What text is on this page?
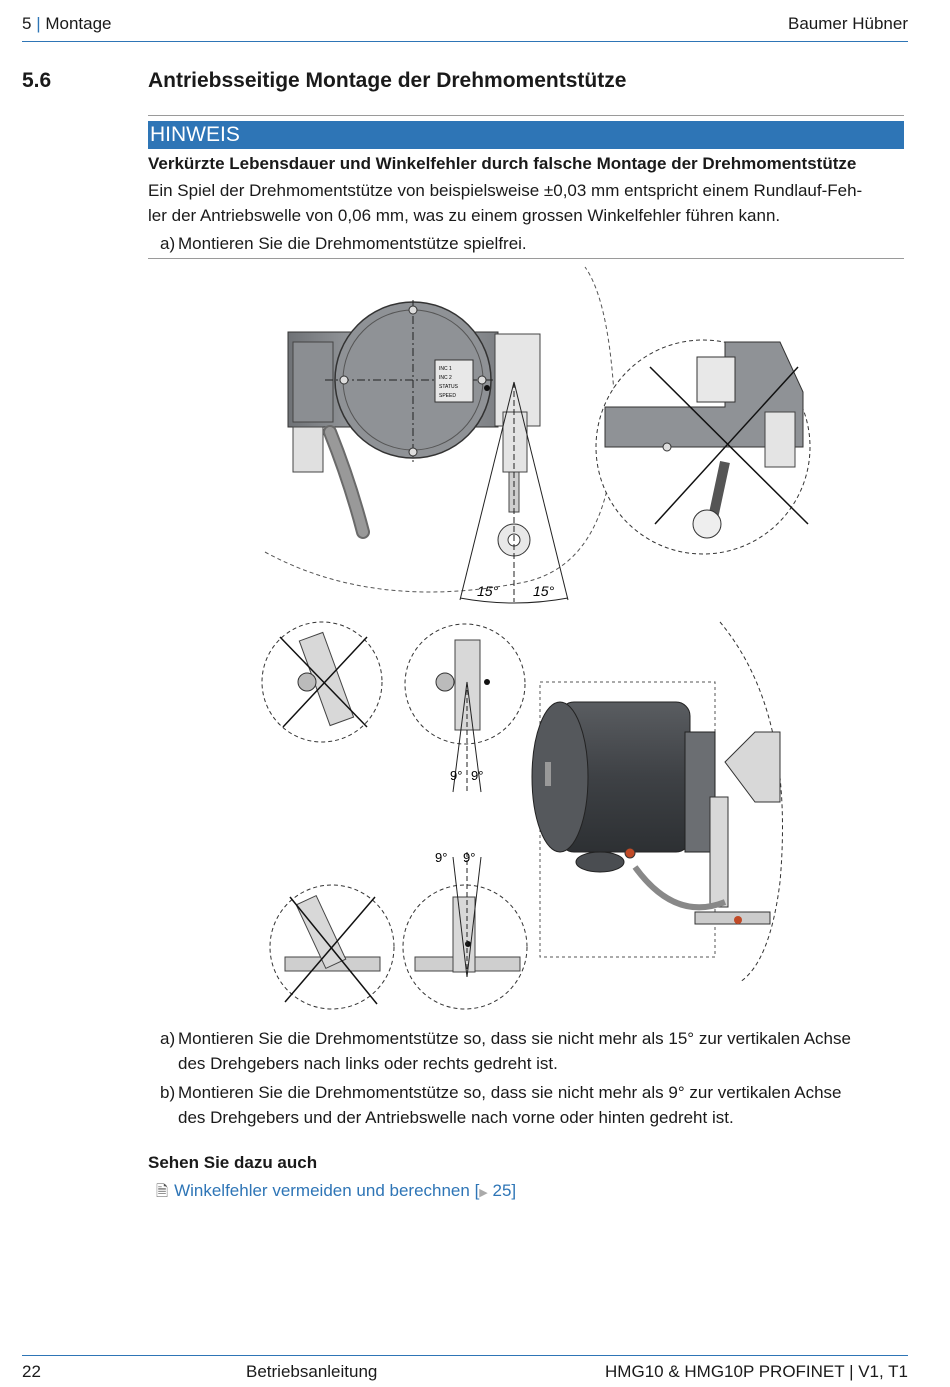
5 | Montage	Baumer Hübner
5.6	Antriebsseitige Montage der Drehmomentstütze
HINWEIS
Verkürzte Lebensdauer und Winkelfehler durch falsche Montage der Drehmomentstütze
Ein Spiel der Drehmomentstütze von beispielsweise ±0,03 mm entspricht einem Rundlauf-Feh-
ler der Antriebswelle von 0,06 mm, was zu einem grossen Winkelfehler führen kann.
a) Montieren Sie die Drehmomentstütze spielfrei.
INC 1
INC 2
STATUS
SPEED
15° 15°
9° 9°
9° 9°
a) Montieren Sie die Drehmomentstütze so, dass sie nicht mehr als 15° zur vertikalen Achse
des Drehgebers nach links oder rechts gedreht ist.
b) Montieren Sie die Drehmomentstütze so, dass sie nicht mehr als 9° zur vertikalen Achse
des Drehgebers und der Antriebswelle nach vorne oder hinten gedreht ist.
Sehen Sie dazu auch
🗎 Winkelfehler vermeiden und berechnen [▶ 25]
22	Betriebsanleitung	HMG10 & HMG10P PROFINET | V1, T1
